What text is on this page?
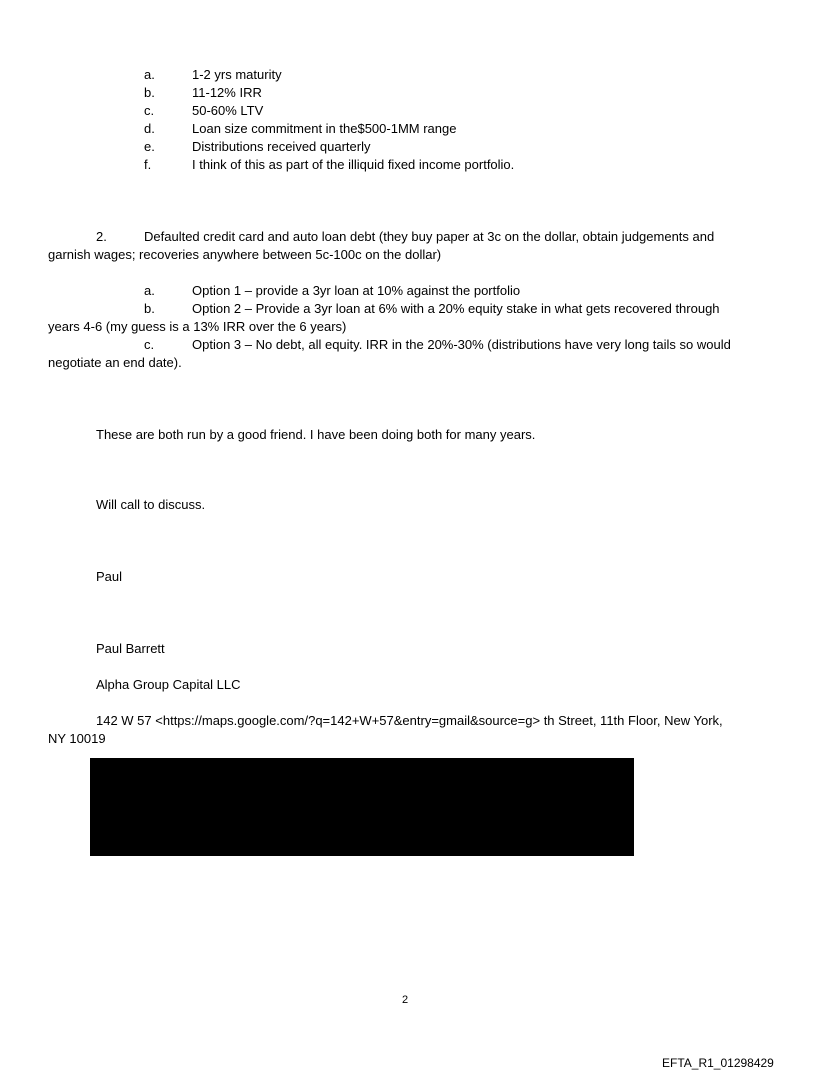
a.	1-2 yrs maturity
b.	11-12% IRR
c.	50-60% LTV
d.	Loan size commitment in the$500-1MM range
e.	Distributions received quarterly
f.	I think of this as part of the illiquid fixed income portfolio.
2.	Defaulted credit card and auto loan debt (they buy paper at 3c on the dollar, obtain judgements and
garnish wages; recoveries anywhere between 5c-100c on the dollar)
a.	Option 1 – provide a 3yr loan at 10% against the portfolio
b.	Option 2 – Provide a 3yr loan at 6% with a 20% equity stake in what gets recovered through
years 4-6 (my guess is a 13% IRR over the 6 years)
c.	Option 3 – No debt, all equity. IRR in the 20%-30% (distributions have very long tails so would
negotiate an end date).
These are both run by a good friend. I have been doing both for many years.
Will call to discuss.
Paul
Paul Barrett
Alpha Group Capital LLC
142 W 57 <https://maps.google.com/?q=142+W+57&entry=gmail&source=g> th Street, 11th Floor, New York,
NY 10019
2
EFTA_R1_01298429
